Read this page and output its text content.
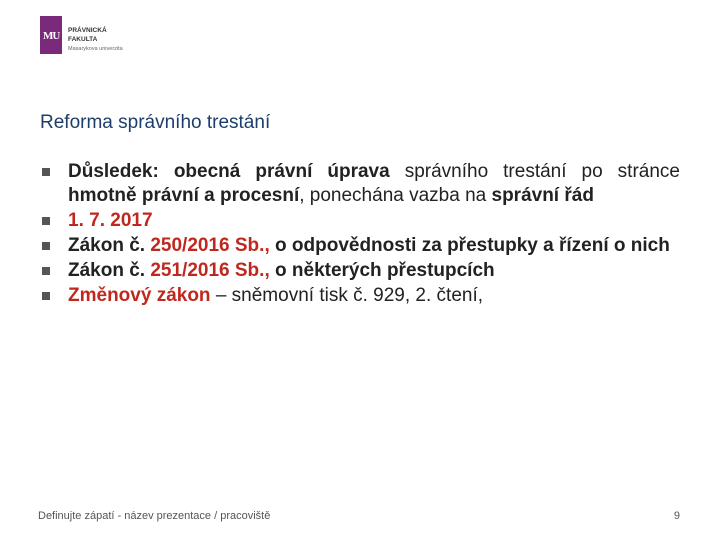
MU PRÁVNICKÁ
FAKULTA
Masarykova univerzita
Reforma správního trestání
Důsledek: obecná právní úprava správního trestání po stránce hmotně právní a procesní, ponechána vazba na správní řád
1. 7. 2017
Zákon č. 250/2016 Sb., o odpovědnosti za přestupky a řízení o nich
Zákon č. 251/2016 Sb., o některých přestupcích
Změnový zákon – sněmovní tisk č. 929, 2. čtení,
Definujte zápatí - název prezentace / pracoviště	9
